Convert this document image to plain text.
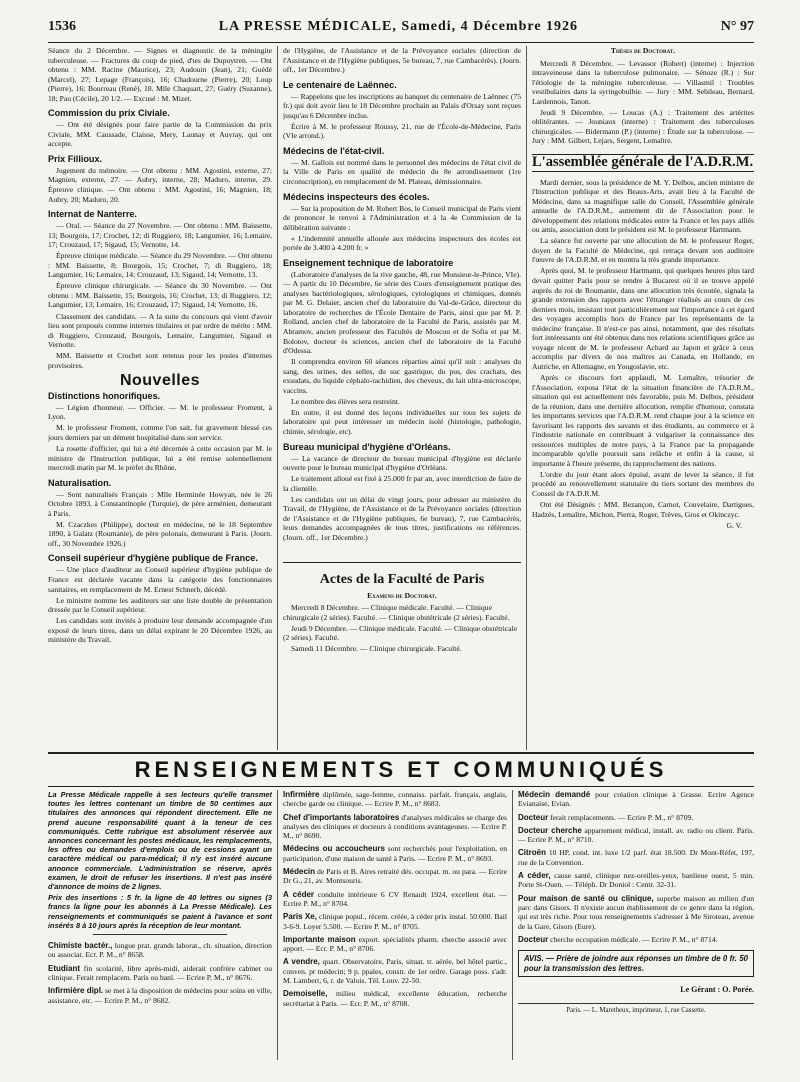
1536	LA PRESSE MÉDICALE, Samedi, 4 Décembre 1926	N° 97

Séance du 2 Décembre. — Signes et diagnostic de la méningite tuberculeuse. — Fractures du coup de pied, d'tes de Dupuytren. — Ont obtenu : MM. Racine (Maurice), 23; Audouin (Jean), 21; Guédé (Marcel), 27; Lepage (François), 16; Chadourne (Pierre), 20; Loup (Pierre), 16; Bourreau (René), 18. Mlle Chaquart, 27; Guéry (Suzanne), 18; Pau (Cécile), 20 1/2. — Excusé : M. Mizet.

Commission du prix Civiale.

— Ont été désignés pour faire partie de la Commission du prix Civiale, MM. Caussade, Claisse, Mery, Launay et Auvray, qui ont accepte.

Prix Fillioux.

Jugement du mémoire. — Ont obtenu : MM. Agostini, externe, 27; Magnien, externe, 27. — Aubry, interne, 28; Maduro, interne, 29. Épreuve clinique. — Ont obtenu : MM. Agostini, 16; Magnien, 18; Aubry, 20; Maduro, 20.

Internat de Nanterre.

— Oral. — Séance du 27 Novembre. — Ont obtenu : MM. Baissette, 13; Bourgois, 17; Crochet, 12; di Ruggiero, 18; Langumier, 16; Lemaire, 17; Crouzaud, 17; Sigaud, 15; Vernotte, 14.

Épreuve clinique médicale. — Séance du 29 Novembre. — Ont obtenu : MM. Baissette, 8; Bourgois, 15; Crochet, 7; di Ruggiero, 18; Langumier, 16; Lemaire, 14; Crouzaud, 13; Sigaud, 14; Vernotte, 13.

Épreuve clinique chirurgicale. — Séance du 30 Novembre. — Ont obtenu : MM. Baissette, 15; Bourgois, 16; Crochet, 13; di Ruggiero, 12; Langumier, 13; Lemaire, 16; Crouzaud, 17; Sigaud, 14; Vernotte, 16.

Classement des candidats. — A la suite du concours qui vient d'avoir lieu sont proposés comme internes titulaires et par ordre de mérite : MM. di Ruggiero, Crouzaud, Bourgois, Lemaire, Langumier, Sigaud et Vernotte.

MM. Baissette et Crochet sont retenus pour les postes d'internes provisoires.

Nouvelles
Distinctions honorifiques.

— Légion d'honneur. — Officier. — M. le professeur Froment, à Lyon.

M. le professeur Froment, comme l'on sait, fut gravement blessé ces jours derniers par un dément hospitalisé dans son service.

La rosette d'officier, qui lui a été décernée à cette occasion par M. le ministre de l'Instruction publique, lui a été remise solennellement mercredi matin par M. le préfet du Rhône.

Naturalisation.

— Sont naturalisés Français : Mlle Herminée Howyan, née le 26 Octobre 1893, à Constantinople (Turquie), de père arménien, demeurant à Paris.

M. Czaczkes (Philippe), docteur en médecine, né le 18 Septembre 1890, à Galatz (Roumanie), de père polonais, demeurant à Paris. (Journ. off., 30 Novembre 1926.)

Conseil supérieur d'hygiène publique de France.

— Une place d'auditeur au Conseil supérieur d'hygiène publique de France est déclarée vacante dans la catégorie des fonctionnaires sanitaires, en remplacement de M. Ernest Schnerb, décédé.

Le ministre nomme les auditeurs sur une liste double de présentation dressée par le Conseil supérieur.

Les candidats sont invités à produire leur demande accompagnée d'un exposé de leurs titres, dans un délai expirant le 20 Décembre 1926, au ministère du Travail,

de l'Hygiène, de l'Assistance et de la Prévoyance sociales (direction de l'Assistance et de l'Hygiène publiques, 5e bureau, 7, rue Cambacérès). (Journ. off., 1er Décembre.)

Le centenaire de Laënnec.

— Rappelons que les inscriptions au banquet du centenaire de Laënnec (75 fr.) qui doit avoir lieu le 18 Décembre prochain au Palais d'Orsay sont reçues jusqu'au 6 Décembre inclus.

Écrire à M. le professeur Roussy, 21, rue de l'École-de-Médecine, Paris (VIe arrond.).

Médecins de l'état-civil.

— M. Gallois est nommé dans le personnel des médecins de l'état civil de la Ville de Paris en qualité de médecin du 8e arrondissement (1re circonscription), en remplacement de M. Plateau, démissionnaire.

Médecins inspecteurs des écoles.

— Sur la proposition de M. Robert Bos, le Conseil municipal de Paris vient de prononcer le renvoi à l'Administration et à la 4e Commission de la délibération suivante :

« L'indemnité annuelle allouée aux médecins inspecteurs des écoles est portée de 3.400 à 4.200 fr. »

Enseignement technique de laboratoire

(Laboratoire d'analyses de la rive gauche, 48, rue Monsieur-le-Prince, VIe). — A partir du 10 Décembre, 6e série des Cours d'enseignement pratique des analyses bactériologiques, sérologiques, cytologiques et chimiques, donnés par M. G. Delaier, ancien chef du laboratoire du Val-de-Grâce, directeur du laboratoire de recherches de l'École Dentaire de Paris, ainsi que par M. P. Rolland, ancien chef de laboratoire de la Faculté de Paris, assistés par M. Abramov, ancien professeur des Facultés de Moscou et de Sofia et par M. Bolotov, docteur ès sciences, ancien chef de laboratoire de la Faculté d'Odessa.

Il comprendra environ 60 séances réparties ainsi qu'il suit : analyses du sang, des urines, des selles, du suc gastrique, du pus, des crachats, des exsudats, du liquide céphalo-rachidien, des cheveux, du lait ultra-microscope, vaccins.

Le nombre des élèves sera restreint.

En outre, il est donné des leçons individuelles sur tous les sujets de laboratoire qui peut intéresser un médecin isolé (histologie, pathologie, chimie, sérologie, etc).

Bureau municipal d'hygiène d'Orléans.

— La vacance de directeur du bureau municipal d'hygiène est déclarée ouverte pour le bureau municipal d'hygiène d'Orléans.

Le traitement alloué est fixé à 25.000 fr par an, avec interdiction de faire de la clientèle.

Les candidats ont un délai de vingt jours, pour adresser au ministère du Travail, de l'Hygiène, de l'Assistance et de la Prévoyance sociales (direction de l'Assistance et de l'Hygiène publiques, 6e bureau), 7, rue Cambacérès, leurs demandes accompagnées de tous titres, justifications ou références. (Journ. off., 1er Décembre.)

Actes de la Faculté de Paris
Examens de Doctorat.

Mercredi 8 Décembre. — Clinique médicale. Faculté. — Clinique chirurgicale (2 séries). Faculté. — Clinique obstétricale (2 séries). Faculté.

Jeudi 9 Décembre. — Clinique médicale. Faculté. — Clinique obstétricale (2 séries). Faculté.

Samedi 11 Décembre. — Clinique chirurgicale. Faculté.

Thèses de Doctorat.

Mercredi 8 Décembre. — Levassor (Robert) (interne) : Injection intraveineuse dans la tuberculose pulmonaire. — Sénoze (R.) : Sur l'étiologie de la méningite tuberculeuse. — Villasmil : Troubles vestibulaires dans la syringobulbie. — Jury : MM. Sebileau, Bernard, Lardennois, Tanon.

Jeudi 9 Décembre. — Loucas (A.) : Traitement des artérites oblitérantes. — Jouniaux (interne) : Traitement des tuberculoses chirurgicales. — Bidermann (P.) (interne) : Étude sur la tuberculose. — Jury : MM. Gilbert, Lejars, Sergent, Lemaître.

L'assemblée générale de l'A.D.R.M.

Mardi dernier, sous la présidence de M. Y. Delbos, ancien ministre de l'Instruction publique et des Beaux-Arts, avait lieu à la Faculté de Médecine, dans sa magnifique salle du Conseil, l'Assemblée générale annuelle de l'A.D.R.M., autrement dit de l'Association pour le développement des relations médicales entre la France et les pays alliés ou amis, association dont le président est M. le professeur Hartmann.

La séance fut ouverte par une allocution de M. le professeur Roger, doyen de la Faculté de Médecine, qui retraça devant son auditoire l'œuvre de l'A.D.R.M. et en montra la très grande importance.

Après quoi, M. le professeur Hartmann, qui quelques heures plus tard devait quitter Paris pour se rendre à Bucarest où il se trouve appelé auprès du roi de Roumanie, dans une allocution très écoutée, signala la grande extension des rapports avec l'étranger réalisés au cours de ces derniers mois, insistant tout particulièrement sur l'importance à cet égard des voyages accomplis hors de France par les représentants de la médecine française. Il n'est-ce pas ainsi, notamment, que des résultats fort intéressants ont été obtenus dans nos relations scientifiques grâce au voyage récent de M. le professeur Achard au Japon et grâce à ceux accomplis par divers de nos maîtres au Canada, en Hollande, en Autriche, en Allemagne, en Yougoslavie, etc.

Après ce discours fort applaudi, M. Lemaître, trésorier de l'Association, exposa l'état de la situation financière de l'A.D.R.M., situation qui est actuellement très favorable, puis M. Delbos, président de la réunion, dans une dernière allocution, remplie d'humour, constata les importants services que l'A.D.R.M. rend chaque jour à la science en favorisant les rapports des savants et des étudiants, au commerce et à l'industrie nationale en contribuant à vulgariser la connaissance des ressources multiples de notre pays, à la France par la propagande incomparable qu'elle poursuit sans relâche et enfin à la cause, si importante à l'heure présente, du rapprochement des nations.

L'ordre du jour étant alors épuisé, avant de lever la séance, il fut procédé au renouvellement statutaire du tiers sortant des membres du Conseil de l'A.D.R.M.

Ont été Désignés : MM. Bezançon, Carnot, Couvelaire, Dartigues, Hadzés, Lemaître, Michon, Pierra, Roger, Trèves, Gros et Okinczyc.

G. V.
RENSEIGNEMENTS ET COMMUNIQUÉS
La Presse Médicale rappelle à ses lecteurs qu'elle transmet toutes les lettres contenant un timbre de 50 centimes aux titulaires des annonces qui répondent directement. Elle ne prend aucune responsabilité quant à la teneur de ces communiqués. Cette rubrique est absolument réservée aux annonces concernant les postes médicaux, les remplacements, les offres ou demandes d'emplois ou de cessions ayant un caractère médical ou para-médical; il n'y est inséré aucune annonce commerciale. L'administration se réserve, après examen, le droit de refuser les insertions. Il n'est pas inséré d'annonce de moins de 2 lignes.
Prix des insertions : 5 fr. la ligne de 40 lettres ou signes (3 francs la ligne pour les abonnés à La Presse Médicale). Les renseignements et communiqués se paient à l'avance et sont insérés 8 à 10 jours après la réception de leur montant.

Chimiste bactér., longue prat. grands laborat., ch. situation, direction ou associat. Ecr. P. M., n° 8658.

Etudiant fin scolarité, libre après-midi, aiderait confrère cabinet ou clinique. Ferait remplacem. Paris ou banl. — Ecrire P. M., n° 8676.

Infirmière dipl. se met à la disposition de médecins pour soins en ville, assistance, etc. — Ecrire P. M., n° 8682.

Infirmière diplômée, sage-femme, connaiss. parfait. français, anglais, cherche garde ou clinique. — Ecrire P. M., n° 8683.

Chef d'importants laboratoires d'analyses médicales se charge des analyses des cliniques et docteurs à conditions avantageuses. — Ecrire P. M., n° 8690.

Médecins ou accoucheurs sont recherchés pour l'exploitation, en participation, d'une maison de santé à Paris. — Ecrire P. M., n° 8693.

Médecin de Paris et B. Aires retraité dés. occupat. m. ou para. — Ecrire Dr G., 21, av. Montsouris.

A céder conduite intérieure 6 CV Renault 1924, excellent état. — Ecrire P. M., n° 8704.

Paris Xe, clinique popul., récem. créée, à céder prix instal. 50.000. Bail 3-6-9. Loyer 5.500. — Ecrire P. M., n° 8705.

Importante maison export. spécialités pharm. cherche associé avec apport. — Ecr. P. M., n° 8706.

A vendre, quart. Observatoire, Paris, situat. tr. aérée, bel hôtel partic., conven. pr médecin; 9 p. ppales, constr. de 1er ordre. Garage poss. s'adr. M. Lambert, 6, r. de Valois. Tél. Louv. 22-50.

Demoiselle, milieu médical, excellente éducation, recherche secrétariat à Paris. — Ecr. P. M., n° 8708.

Médecin demandé pour création clinique à Grasse. Ecrire Agence Evianaise, Evian.

Docteur ferait remplacements. — Ecrire P. M., n° 8709.

Docteur cherche appartement médical, install. av. radio ou client. Paris. — Ecrire P. M., n° 8710.

Citroën 10 HP, cond. int. luxe 1/2 parf. état 18.500. Dr Mont-Réfet, 197, rue de la Convention.

A céder, cause santé, clinique nez-oreilles-yeux, banlieue ouest, 5 min. Porte St-Ouen. — Téléph. Dr Doniol : Centr. 32-31.

Pour maison de santé ou clinique, superbe maison au milieu d'un parc dans Gisors. Il n'existe aucun établissement de ce genre dans la région, qui est très riche. Pour tous renseignements s'adresser à Me Siroteau, avenue de la Gare, Gisors (Eure).

Docteur cherche occupation médicale. — Ecrire P. M., n° 8714.

AVIS. — Prière de joindre aux réponses un timbre de 0 fr. 50 pour la transmission des lettres.
Le Gérant : O. Porée.
Paris. — L. Maretheux, imprimeur, 1, rue Cassette.
